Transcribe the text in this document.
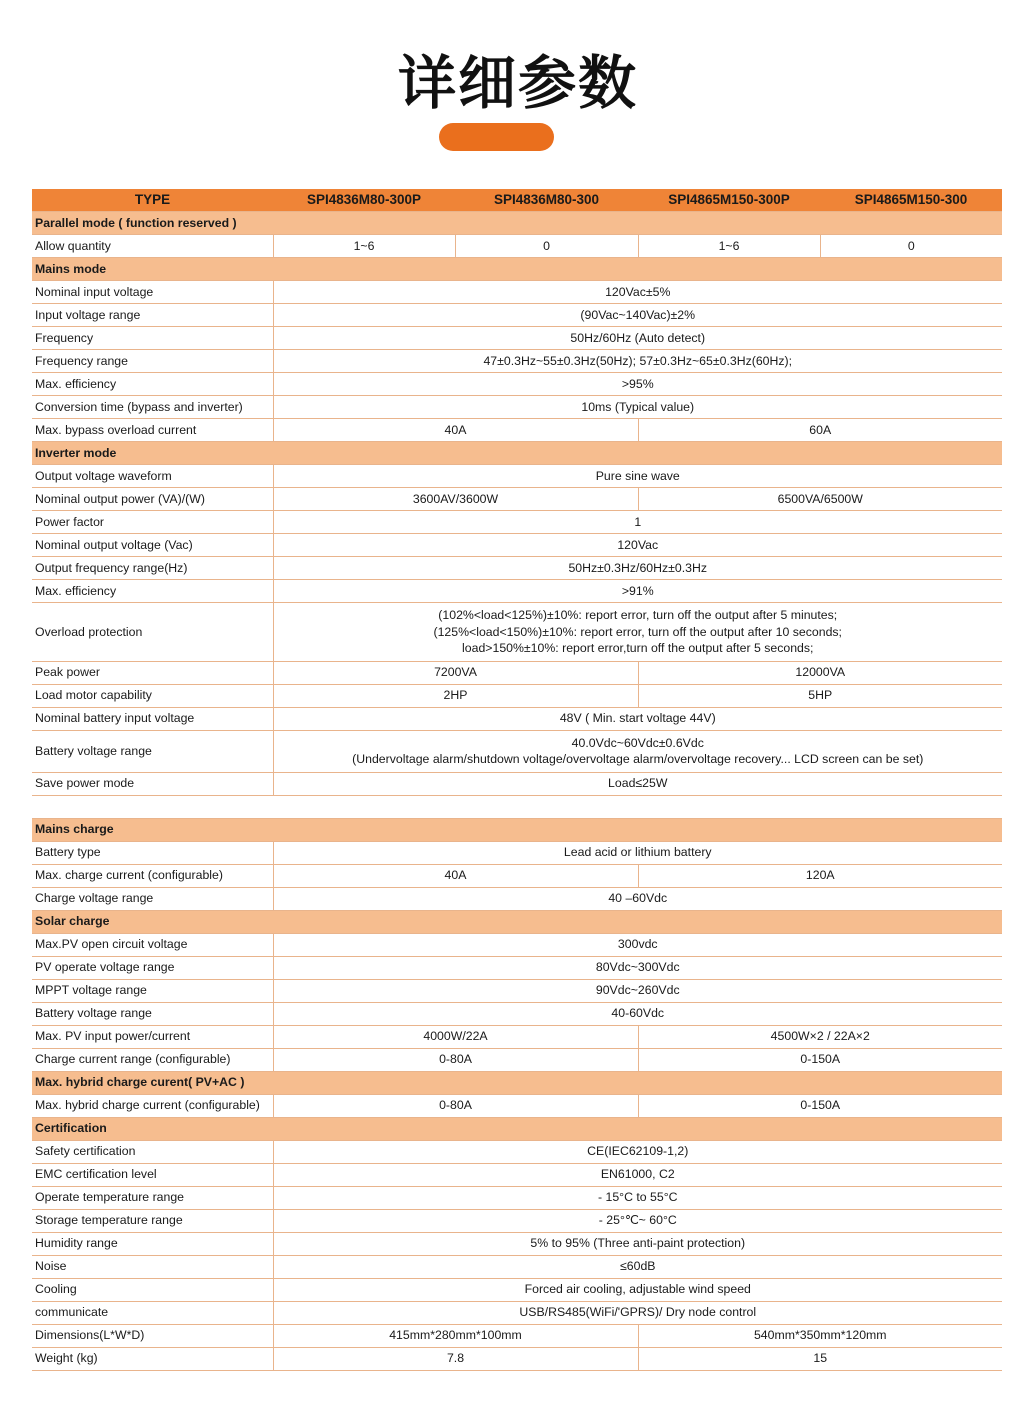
详细参数
TYPE	SPI4836M80-300P	SPI4836M80-300	SPI4865M150-300P	SPI4865M150-300
Parallel mode ( function reserved )				
Allow quantity	1~6	0	1~6	0
Mains mode				
Nominal input voltage	120Vac±5%			
Input voltage range	(90Vac~140Vac)±2%			
Frequency	50Hz/60Hz (Auto detect)			
Frequency range	47±0.3Hz~55±0.3Hz(50Hz); 57±0.3Hz~65±0.3Hz(60Hz);			
Max. efficiency	>95%			
Conversion time (bypass and inverter)	10ms (Typical value)			
Max. bypass overload current	40A		60A	
Inverter mode				
Output voltage waveform	Pure sine wave			
Nominal output power (VA)/(W)	3600AV/3600W		6500VA/6500W	
Power factor	1			
Nominal output voltage (Vac)	120Vac			
Output frequency range(Hz)	50Hz±0.3Hz/60Hz±0.3Hz			
Max. efficiency	>91%			
Overload protection	(102%<load<125%)±10%: report error, turn off the output after 5 minutes;
(125%<load<150%)±10%: report error, turn off the output after 10 seconds;
load>150%±10%: report error,turn off the output after 5 seconds;			

Peak power	7200VA		12000VA	
Load motor capability	2HP		5HP	
Nominal battery input voltage	48V ( Min. start voltage 44V)			
Battery voltage range	40.0Vdc~60Vdc±0.6Vdc
(Undervoltage alarm/shutdown voltage/overvoltage alarm/overvoltage recovery... LCD screen can be set)			

Save power mode	Load≤25W			

Mains charge				
Battery type	Lead acid or lithium battery			
Max. charge current (configurable)	40A		120A	
Charge voltage range	40 –60Vdc			
Solar charge				
Max.PV open circuit voltage	300vdc			
PV operate voltage range	80Vdc~300Vdc			
MPPT voltage range	90Vdc~260Vdc			
Battery voltage range	40-60Vdc			
Max. PV input power/current	4000W/22A		4500W×2 / 22A×2	
Charge current range (configurable)	0-80A		0-150A	
Max. hybrid charge curent( PV+AC )				
Max. hybrid charge current (configurable)	0-80A		0-150A	
Certification				
Safety certification	CE(IEC62109-1,2)			
EMC certification level	EN61000, C2			
Operate temperature range	- 15°C to 55°C			
Storage temperature range	- 25°℃~ 60°C			
Humidity range	5% to 95% (Three anti-paint protection)			
Noise	≤60dB			
Cooling	Forced air cooling, adjustable wind speed			
communicate	USB/RS485(WiFi/'GPRS)/ Dry node control			
Dimensions(L*W*D)	415mm*280mm*100mm		540mm*350mm*120mm	
Weight (kg)	7.8		15	
